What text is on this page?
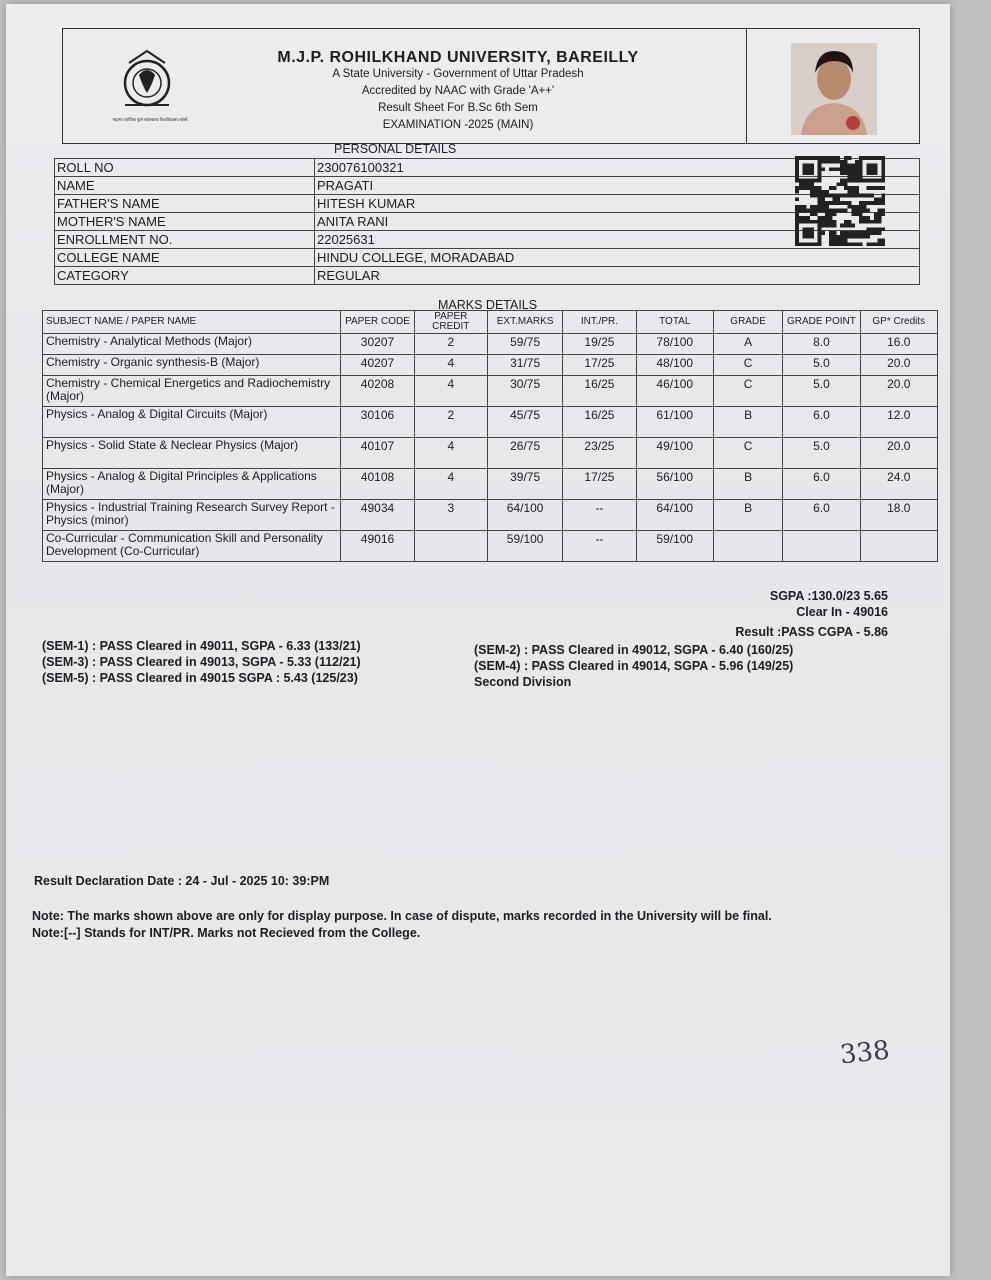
महात्मा ज्योतिबा फुले रुहेलखण्ड विश्वविद्यालय बरेली
M.J.P. ROHILKHAND UNIVERSITY, BAREILLY
A State University - Government of Uttar Pradesh
Accredited by NAAC with Grade 'A++'
Result Sheet For B.Sc 6th Sem
EXAMINATION -2025 (MAIN)
PERSONAL DETAILS
ROLL NO	230076100321
NAME	PRAGATI
FATHER'S NAME	HITESH KUMAR
MOTHER'S NAME	ANITA RANI
ENROLLMENT NO.	22025631
COLLEGE NAME	HINDU COLLEGE, MORADABAD
CATEGORY	REGULAR
MARKS DETAILS
SUBJECT NAME / PAPER NAME	PAPER CODE	PAPER CREDIT	EXT.MARKS	INT./PR.	TOTAL	GRADE	GRADE POINT	GP* Credits
Chemistry - Analytical Methods (Major)	30207	2	59/75	19/25	78/100	A	8.0	16.0
Chemistry - Organic synthesis-B (Major)	40207	4	31/75	17/25	48/100	C	5.0	20.0
Chemistry - Chemical Energetics and Radiochemistry (Major)	40208	4	30/75	16/25	46/100	C	5.0	20.0
Physics - Analog & Digital Circuits (Major)	30106	2	45/75	16/25	61/100	B	6.0	12.0
Physics - Solid State & Neclear Physics (Major)	40107	4	26/75	23/25	49/100	C	5.0	20.0
Physics - Analog & Digital Principles & Applications (Major)	40108	4	39/75	17/25	56/100	B	6.0	24.0
Physics - Industrial Training Research Survey Report - Physics (minor)	49034	3	64/100	--	64/100	B	6.0	18.0
Co-Curricular - Communication Skill and Personality Development (Co-Curricular)	49016		59/100	--	59/100			
SGPA :130.0/23 5.65
Clear In - 49016
Result :PASS CGPA - 5.86
(SEM-1) : PASS Cleared in 49011, SGPA - 6.33 (133/21)
(SEM-3) : PASS Cleared in 49013, SGPA - 5.33 (112/21)
(SEM-5) : PASS Cleared in 49015 SGPA : 5.43 (125/23)
(SEM-2) : PASS Cleared in 49012, SGPA - 6.40 (160/25)
(SEM-4) : PASS Cleared in 49014, SGPA - 5.96 (149/25)
Second Division
Result Declaration Date : 24 - Jul - 2025 10: 39:PM
Note: The marks shown above are only for display purpose. In case of dispute, marks recorded in the University will be final.
Note:[--] Stands for INT/PR. Marks not Recieved from the College.
338
